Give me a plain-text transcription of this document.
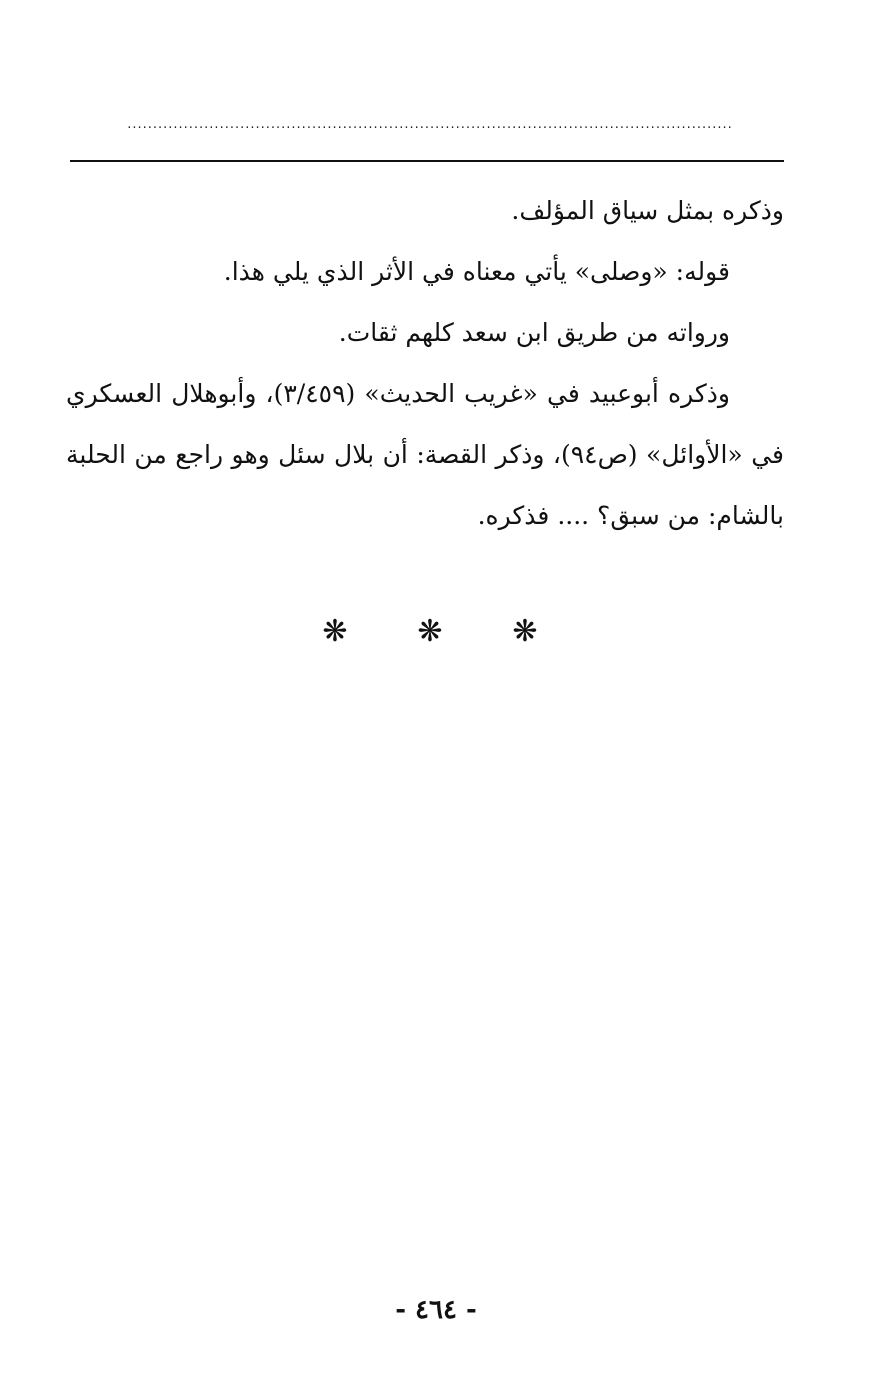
......................................................................................................................

وذكره بمثل سياق المؤلف.

قوله: «وصلى» يأتي معناه في الأثر الذي يلي هذا.

ورواته من طريق ابن سعد كلهم ثقات.

وذكره أبوعبيد في «غريب الحديث» (٣/٤٥٩)، وأبوهلال العسكري في «الأوائل» (ص٩٤)، وذكر القصة: أن بلال سئل وهو راجع من الحلبة بالشام: من سبق؟ .... فذكره.

❋
❋
❋
- ٤٦٤ -
